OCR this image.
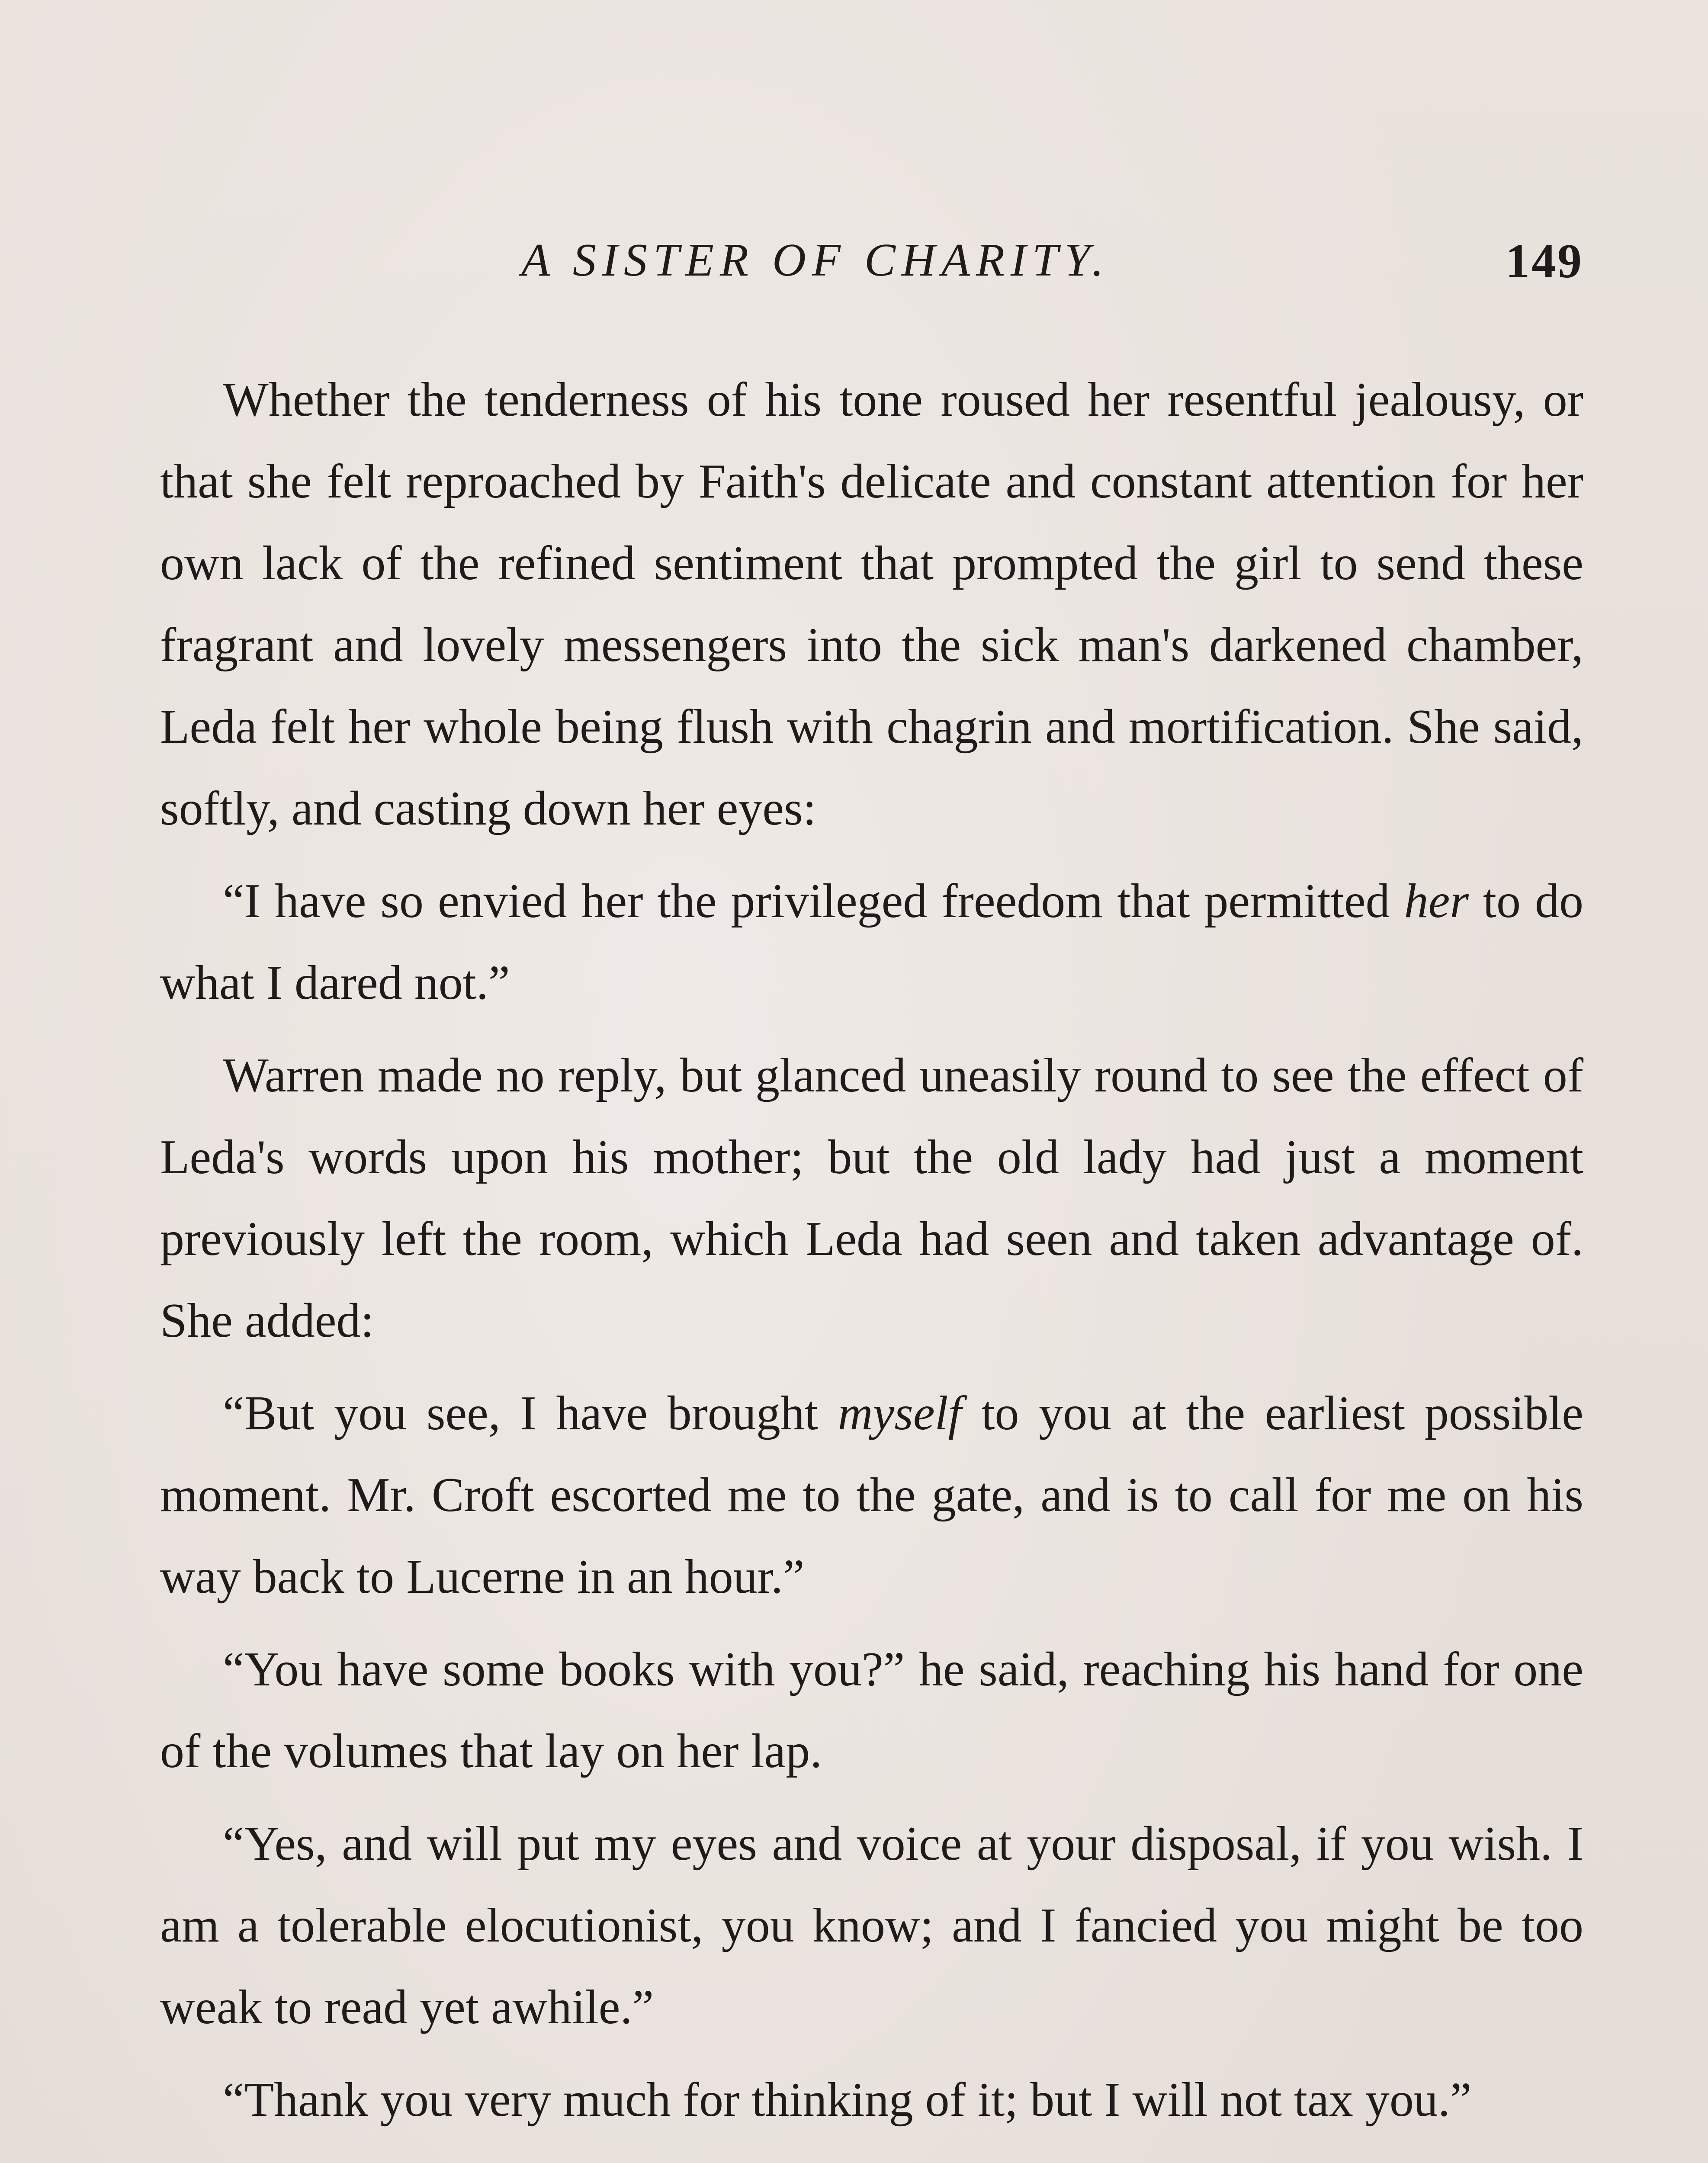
A SISTER OF CHARITY.	149

Whether the tenderness of his tone roused her resentful jealousy, or that she felt reproached by Faith's delicate and constant attention for her own lack of the refined sentiment that prompted the girl to send these fragrant and lovely messengers into the sick man's darkened chamber, Leda felt her whole being flush with chagrin and mortification. She said, softly, and casting down her eyes:

“I have so envied her the privileged freedom that permitted her to do what I dared not.”

Warren made no reply, but glanced uneasily round to see the effect of Leda's words upon his mother; but the old lady had just a moment previously left the room, which Leda had seen and taken advantage of. She added:

“But you see, I have brought myself to you at the earliest possible moment. Mr. Croft escorted me to the gate, and is to call for me on his way back to Lucerne in an hour.”

“You have some books with you?” he said, reaching his hand for one of the volumes that lay on her lap.

“Yes, and will put my eyes and voice at your disposal, if you wish. I am a tolerable elocutionist, you know; and I fancied you might be too weak to read yet awhile.”

“Thank you very much for thinking of it; but I will not tax you.”
